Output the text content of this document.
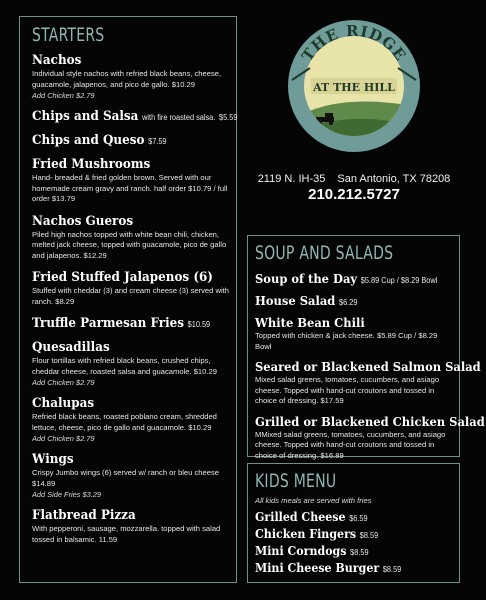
STARTERS
Nachos
Individual style nachos with refried black beans, cheese, guacamole, jalapenos, and pico de gallo. $10.29
Add Chicken $2.79
Chips and Salsa with fire roasted salsa. $5.59
Chips and Queso $7.59
Fried Mushrooms
Hand- breaded & fried golden brown. Served with our homemade cream gravy and ranch. half order $10.79 / full order $13.79
Nachos Gueros
Piled high nachos topped with white bean chili, chicken, melted jack cheese, topped with guacamole, pico de gallo and jalapenos. $12.29
Fried Stuffed Jalapenos (6)
Stuffed with cheddar (3) and cream cheese (3) served with ranch. $8.29
Truffle Parmesan Fries $10.59
Quesadillas
Flour tortillas with refried black beans, crushed chips, cheddar cheese, roasted salsa and guacamole. $10.29
Add Chicken $2.79
Chalupas
Refried black beans, roasted poblano cream, shredded lettuce, cheese, pico de gallo and guacamole. $10.29
Add Chicken $2.79
Wings
Crispy Jumbo wings (6) served w/ ranch or bleu cheese $14.89
Add Side Fries $3.29
Flatbread Pizza
With pepperoni, sausage, mozzarella. topped with salad tossed in balsamic. 11.59
THE RIDGE
AT THE HILL
2119 N. IH-35 San Antonio, TX 78208
210.212.5727
SOUP AND SALADS
Soup of the Day $5.89 Cup / $8.29 Bowl
House Salad $6.29
White Bean Chili
Topped with chicken & jack cheese. $5.89 Cup / $8.29 Bowl
Seared or Blackened Salmon Salad
Mixed salad greens, tomatoes, cucumbers, and asiago cheese. Topped with hand-cut croutons and tossed in choice of dressing. $17.59
Grilled or Blackened Chicken Salad
MMixed salad greens, tomatoes, cucumbers, and asiago cheese. Topped with hand-cut croutons and tossed in choice of dressing. $16.89
KIDS MENU
All kids meals are served with fries
Grilled Cheese $6.59
Chicken Fingers $8.59
Mini Corndogs $8.59
Mini Cheese Burger $8.59
